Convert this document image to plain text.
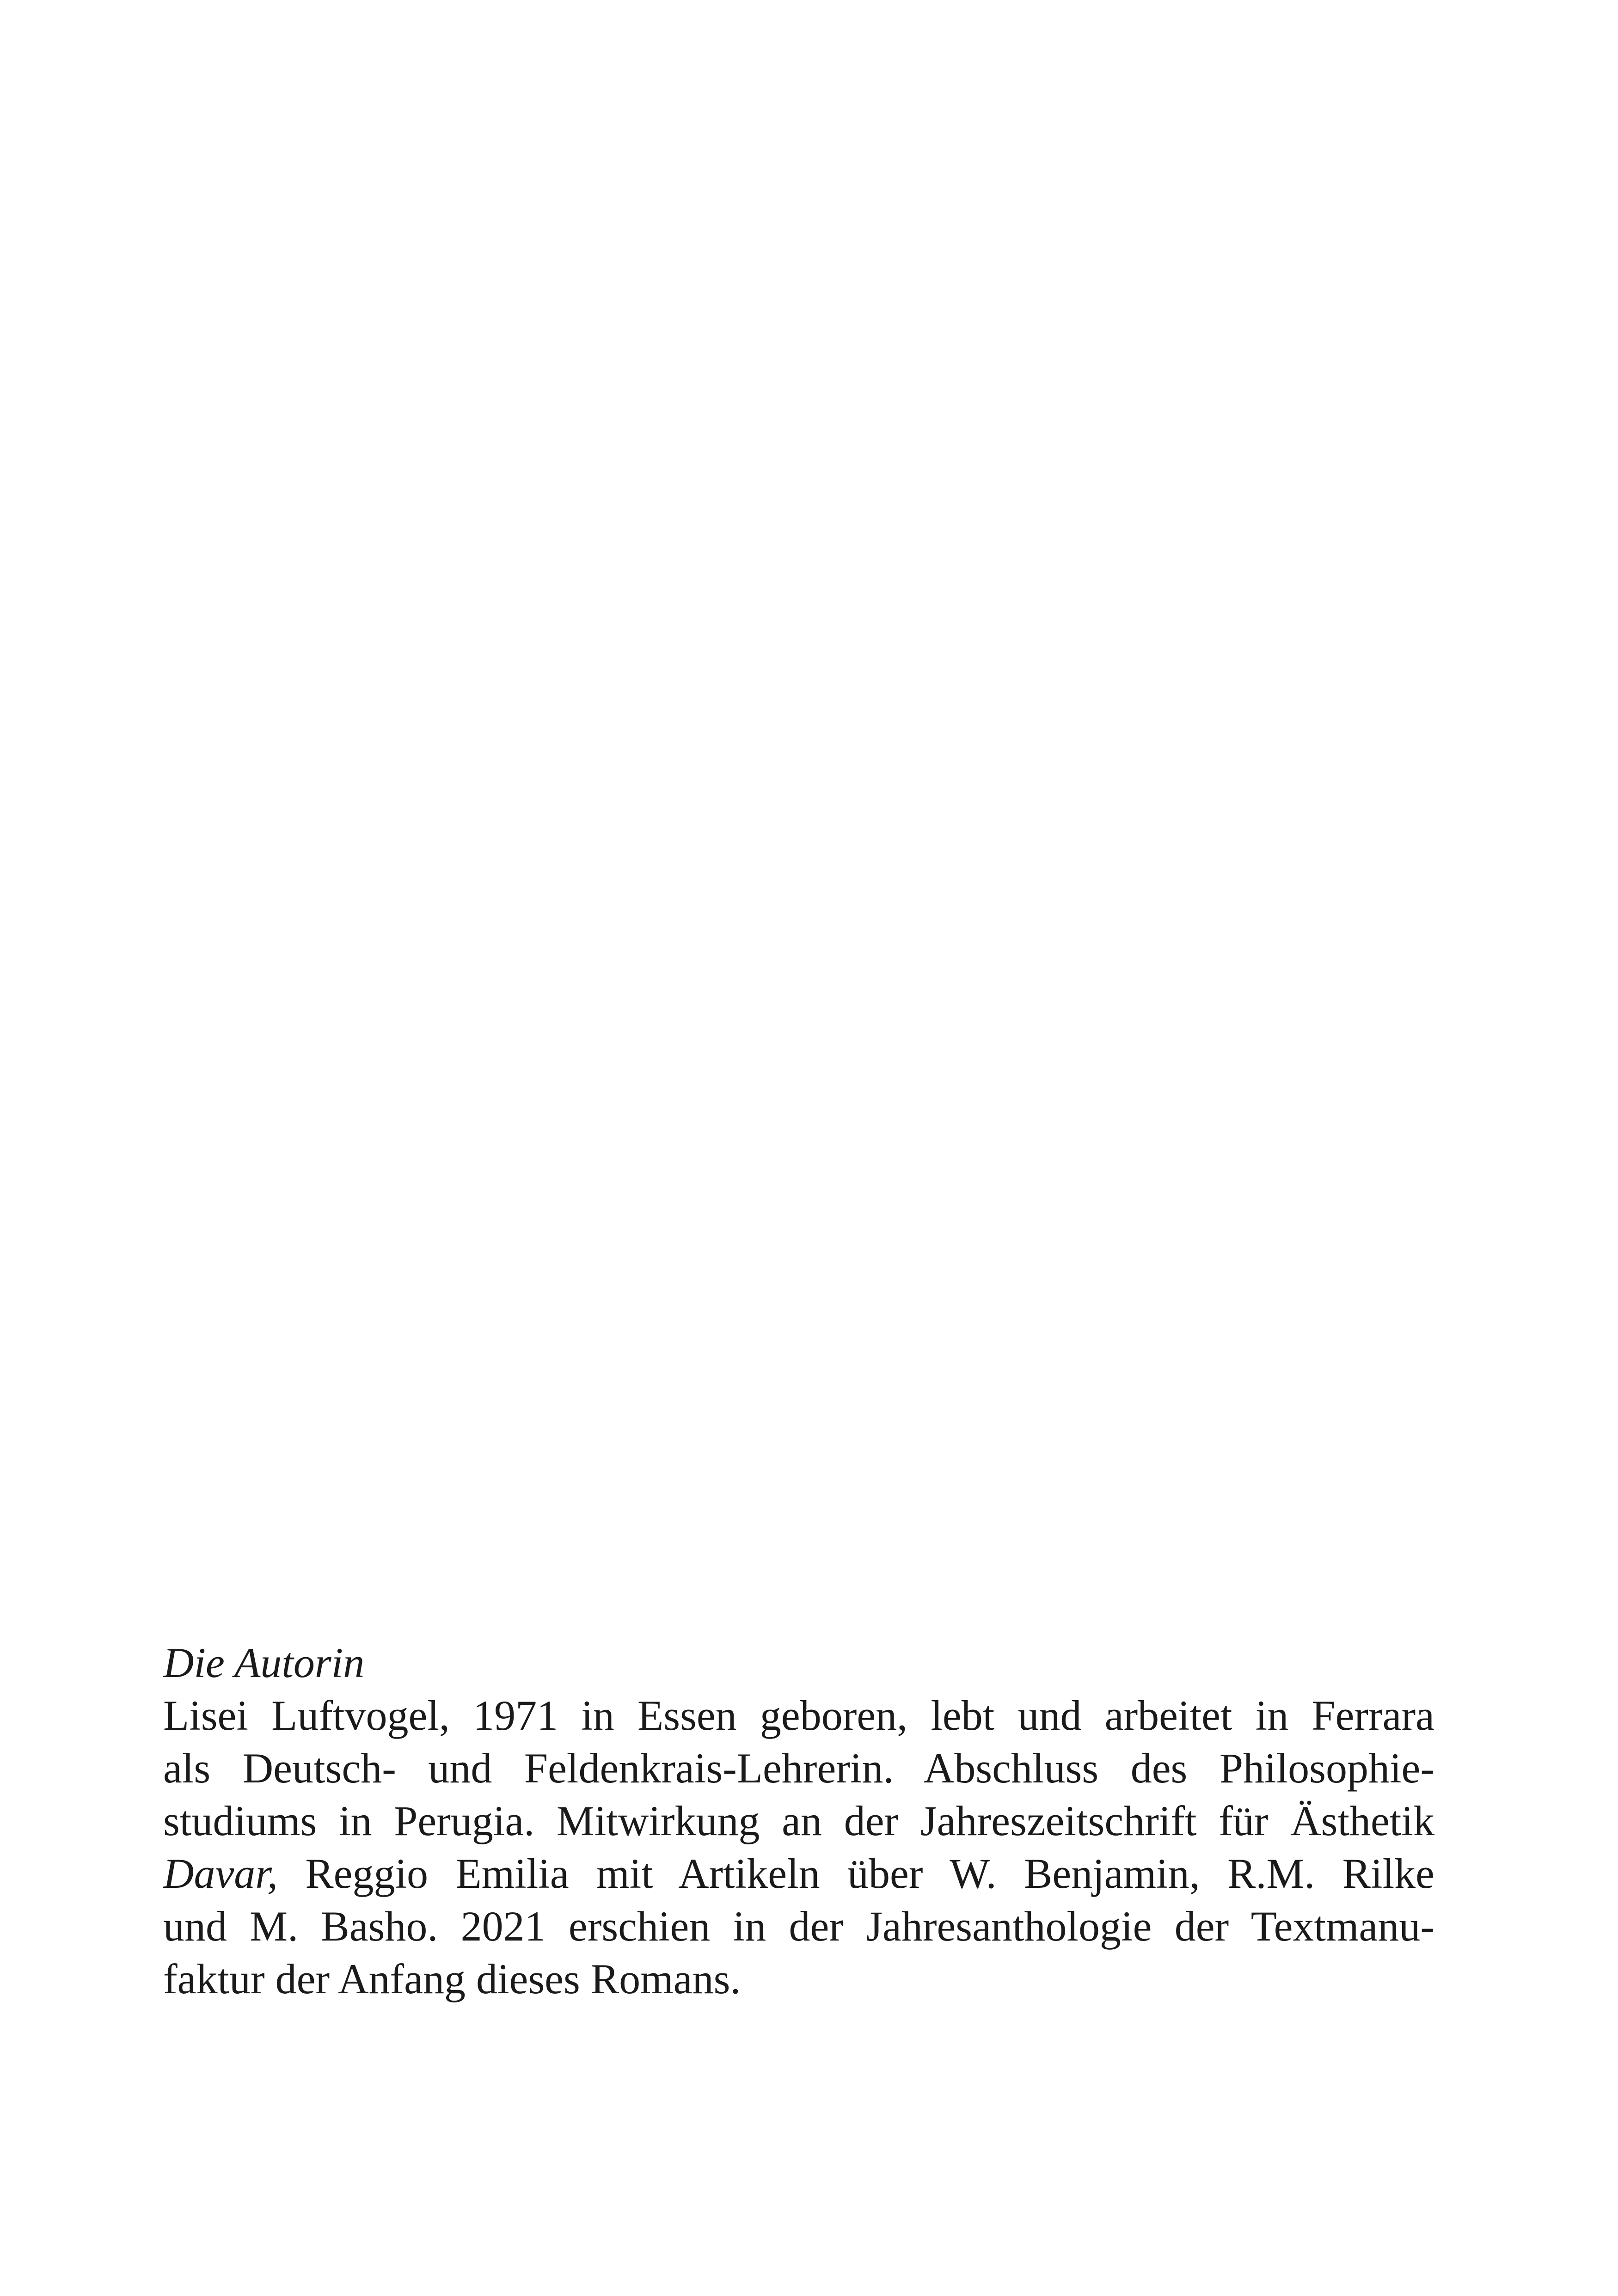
Die Autorin
Lisei Luftvogel, 1971 in Essen geboren, lebt und arbeitet in Ferrara
als Deutsch- und Feldenkrais-Lehrerin. Abschluss des Philosophie-
studiums in Perugia. Mitwirkung an der Jahreszeitschrift für Ästhetik
Davar, Reggio Emilia mit Artikeln über W. Benjamin, R.M. Rilke
und M. Basho. 2021 erschien in der Jahresanthologie der Textmanu-
faktur der Anfang dieses Romans.
